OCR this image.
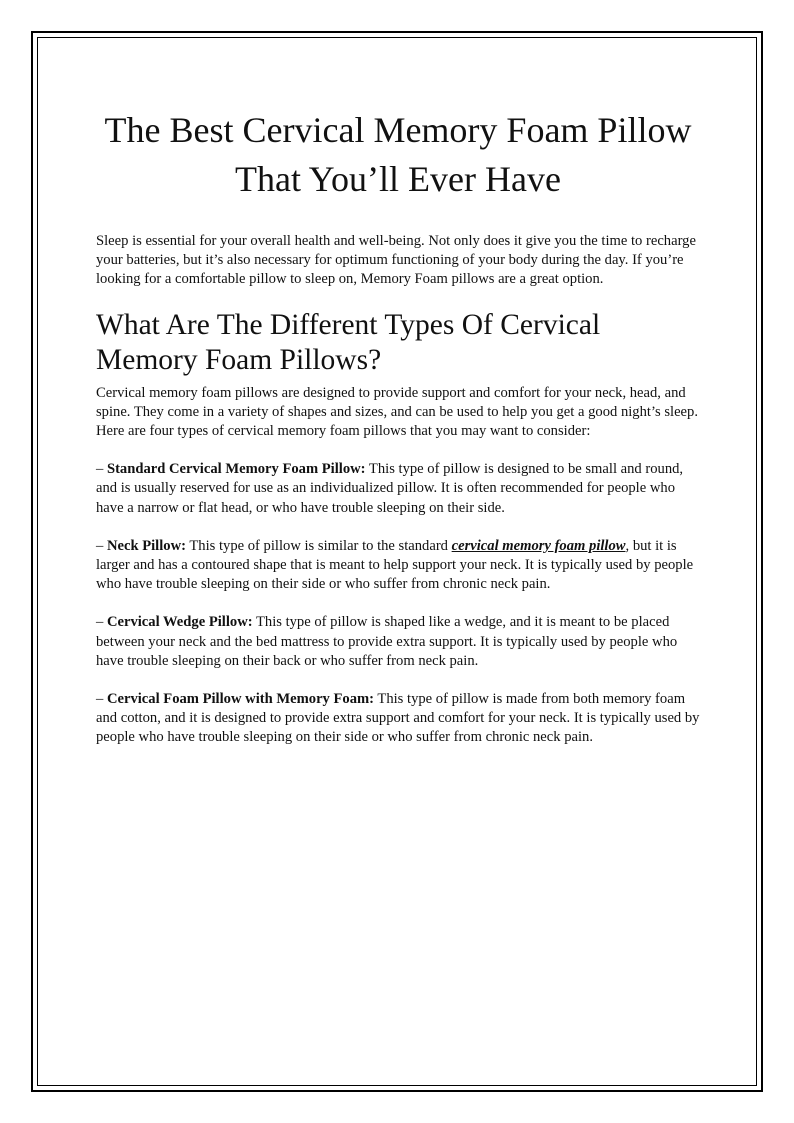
The Best Cervical Memory Foam Pillow That You’ll Ever Have

Sleep is essential for your overall health and well-being. Not only does it give you the time to recharge your batteries, but it’s also necessary for optimum functioning of your body during the day. If you’re looking for a comfortable pillow to sleep on, Memory Foam pillows are a great option.

What Are The Different Types Of Cervical Memory Foam Pillows?

Cervical memory foam pillows are designed to provide support and comfort for your neck, head, and spine. They come in a variety of shapes and sizes, and can be used to help you get a good night’s sleep. Here are four types of cervical memory foam pillows that you may want to consider:

– Standard Cervical Memory Foam Pillow: This type of pillow is designed to be small and round, and is usually reserved for use as an individualized pillow. It is often recommended for people who have a narrow or flat head, or who have trouble sleeping on their side.

– Neck Pillow: This type of pillow is similar to the standard cervical memory foam pillow, but it is larger and has a contoured shape that is meant to help support your neck. It is typically used by people who have trouble sleeping on their side or who suffer from chronic neck pain.

– Cervical Wedge Pillow: This type of pillow is shaped like a wedge, and it is meant to be placed between your neck and the bed mattress to provide extra support. It is typically used by people who have trouble sleeping on their back or who suffer from neck pain.

– Cervical Foam Pillow with Memory Foam: This type of pillow is made from both memory foam and cotton, and it is designed to provide extra support and comfort for your neck. It is typically used by people who have trouble sleeping on their side or who suffer from chronic neck pain.
